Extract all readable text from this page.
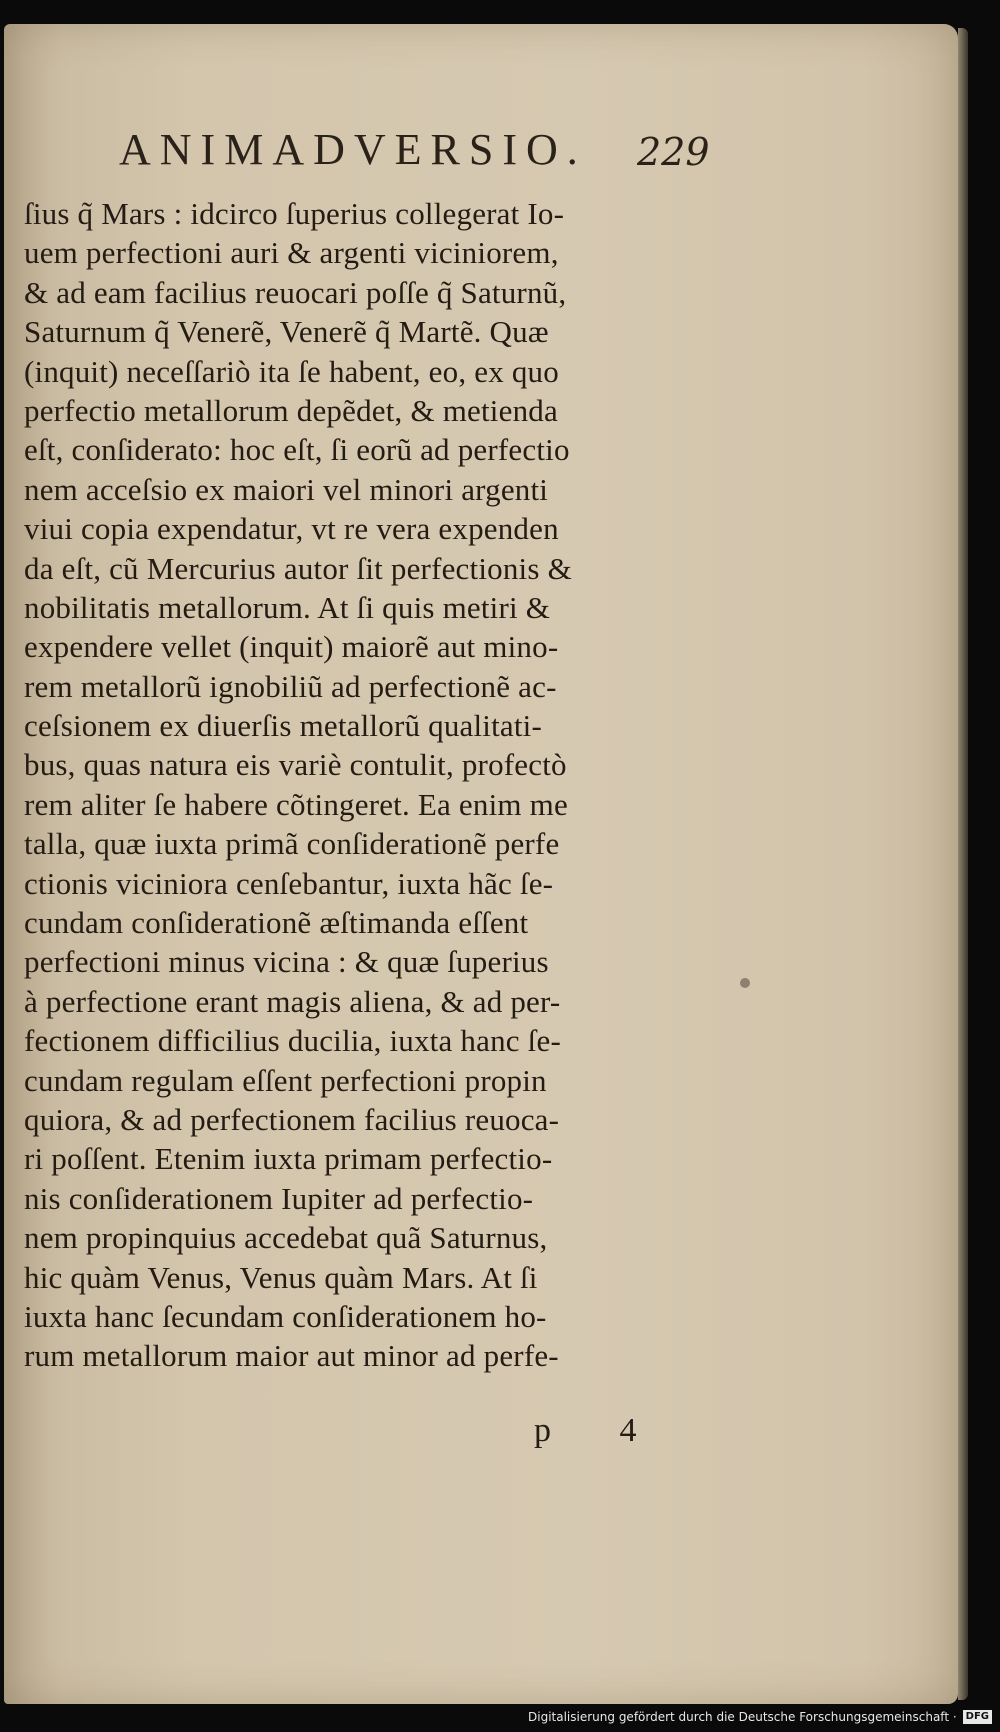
ANIMADVERSIO. 229
ſius q̃ Mars : idcirco ſuperius collegerat Io-
uem perfectioni auri & argenti viciniorem,
& ad eam facilius reuocari poſſe q̃ Saturnũ,
Saturnum q̃ Venerẽ, Venerẽ q̃ Martẽ. Quæ
(inquit) neceſſariò ita ſe habent, eo, ex quo
perfectio metallorum depẽdet, & metienda
eſt, conſiderato: hoc eſt, ſi eorũ ad perfectio
nem acceſsio ex maiori vel minori argenti
viui copia expendatur, vt re vera expenden
da eſt, cũ Mercurius autor ſit perfectionis &
nobilitatis metallorum. At ſi quis metiri &
expendere vellet (inquit) maiorẽ aut mino-
rem metallorũ ignobiliũ ad perfectionẽ ac-
ceſsionem ex diuerſis metallorũ qualitati-
bus, quas natura eis variè contulit, profectò
rem aliter ſe habere cõtingeret. Ea enim me
talla, quæ iuxta primã conſiderationẽ perfe
ctionis viciniora cenſebantur, iuxta hãc ſe-
cundam conſiderationẽ æſtimanda eſſent
perfectioni minus vicina : & quæ ſuperius
à perfectione erant magis aliena, & ad per-
fectionem difficilius ducilia, iuxta hanc ſe-
cundam regulam eſſent perfectioni propin
quiora, & ad perfectionem facilius reuoca-
ri poſſent. Etenim iuxta primam perfectio-
nis conſiderationem Iupiter ad perfectio-
nem propinquius accedebat quã Saturnus,
hic quàm Venus, Venus quàm Mars. At ſi
iuxta hanc ſecundam conſiderationem ho-
rum metallorum maior aut minor ad perfe-
p 4
Digitalisierung gefördert durch die Deutsche Forschungsgemeinschaft · DFG
